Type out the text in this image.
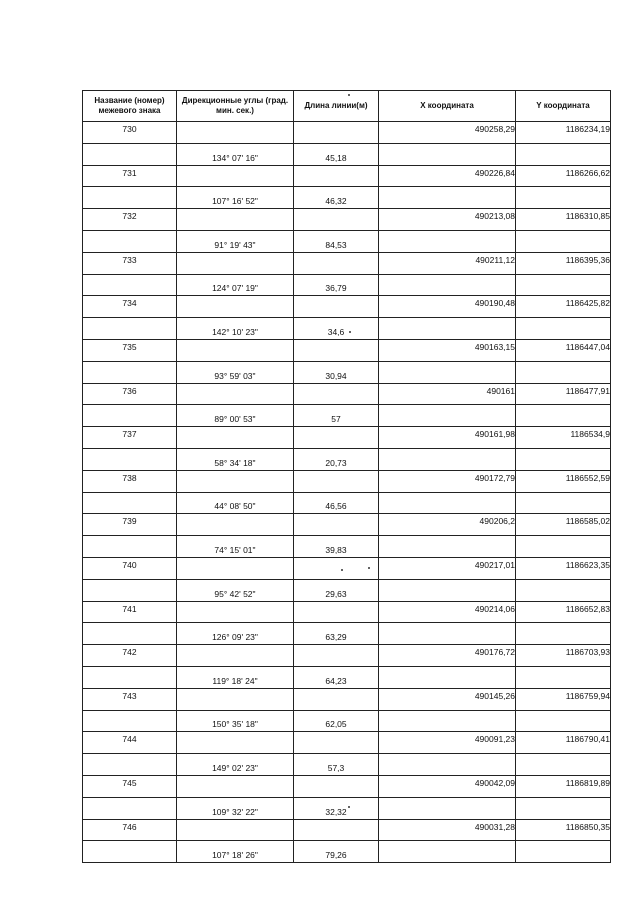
Название (номер) межевого знака	Дирекционные углы (град. мин. сек.)	Длина линии(м)	X координата	Y координата
730			490258,29	1186234,19
	134° 07' 16"	45,18		
731			490226,84	1186266,62
	107° 16' 52"	46,32		
732			490213,08	1186310,85
	91° 19' 43"	84,53		
733			490211,12	1186395,36
	124° 07' 19"	36,79		
734			490190,48	1186425,82
	142° 10' 23"	34,6		
735			490163,15	1186447,04
	93° 59' 03"	30,94		
736			490161	1186477,91
	89° 00' 53"	57		
737			490161,98	1186534,9
	58° 34' 18"	20,73		
738			490172,79	1186552,59
	44° 08' 50"	46,56		
739			490206,2	1186585,02
	74° 15' 01"	39,83		
740			490217,01	1186623,35
	95° 42' 52"	29,63		
741			490214,06	1186652,83
	126° 09' 23"	63,29		
742			490176,72	1186703,93
	119° 18' 24"	64,23		
743			490145,26	1186759,94
	150° 35' 18"	62,05		
744			490091,23	1186790,41
	149° 02' 23"	57,3		
745			490042,09	1186819,89
	109° 32' 22"	32,32		
746			490031,28	1186850,35
	107° 18' 26"	79,26		
